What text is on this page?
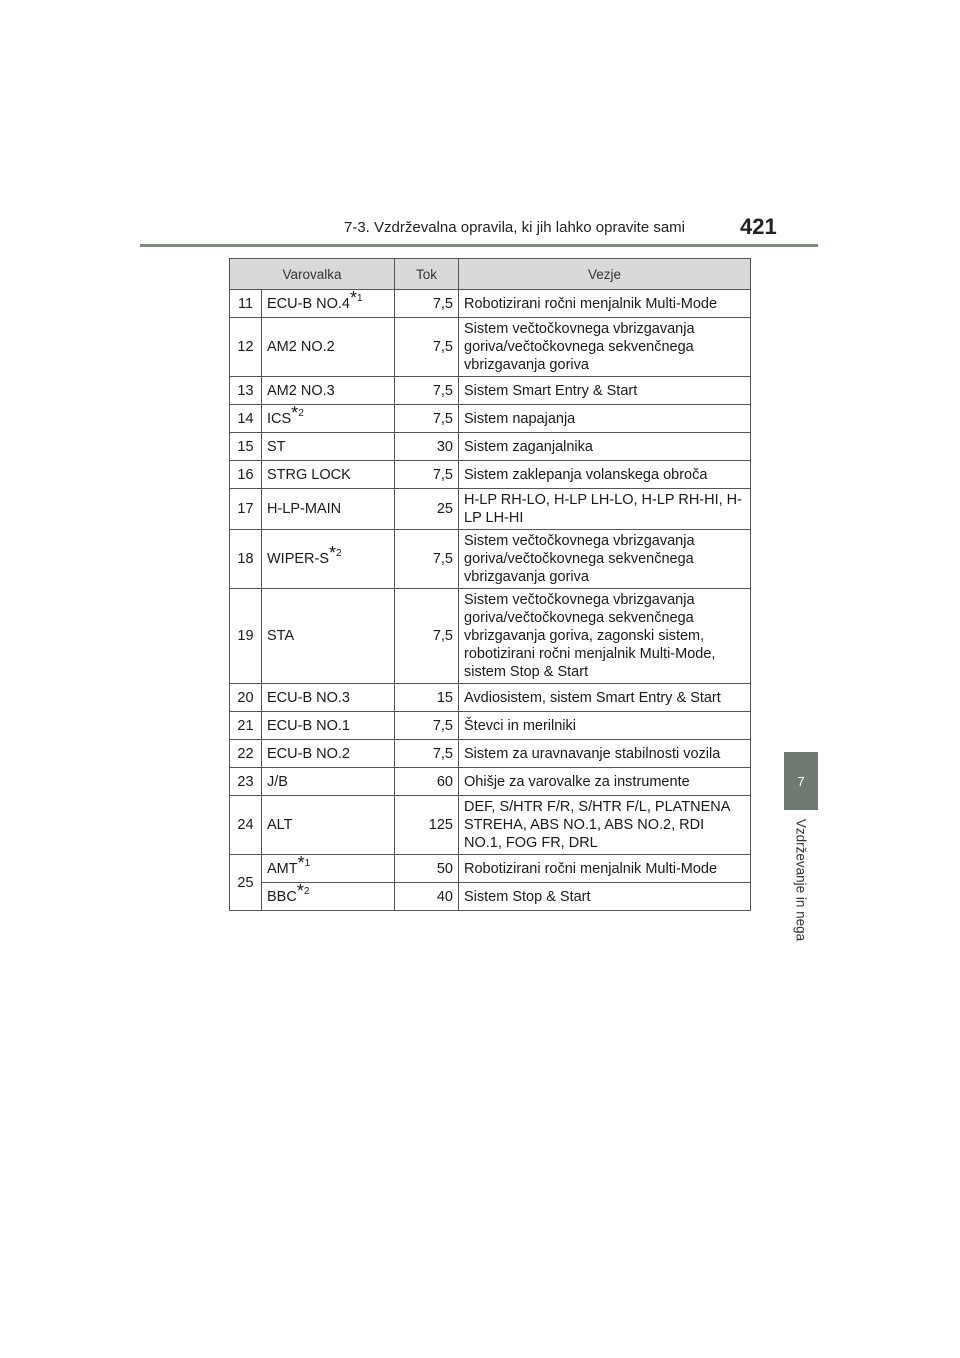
7-3. Vzdrževalna opravila, ki jih lahko opravite sami	421
7
Vzdrževanje in nega
Varovalka		Tok	Vezje
11	ECU-B NO.4*$^1$	7,5	Robotizirani ročni menjalnik Multi-Mode
12	AM2 NO.2	7,5	Sistem večtočkovnega vbrizgavanja goriva/večtočkovnega sekvenčnega vbrizgavanja goriva
13	AM2 NO.3	7,5	Sistem Smart Entry & Start
14	ICS*$^2$	7,5	Sistem napajanja
15	ST	30	Sistem zaganjalnika
16	STRG LOCK	7,5	Sistem zaklepanja volanskega obroča
17	H-LP-MAIN	25	H-LP RH-LO, H-LP LH-LO, H-LP RH-HI, H-LP LH-HI
18	WIPER-S*$^2$	7,5	Sistem večtočkovnega vbrizgavanja goriva/večtočkovnega sekvenčnega vbrizgavanja goriva
19	STA	7,5	Sistem večtočkovnega vbrizgavanja goriva/večtočkovnega sekvenčnega vbrizgavanja goriva, zagonski sistem, robotizirani ročni menjalnik Multi-Mode, sistem Stop & Start
20	ECU-B NO.3	15	Avdiosistem, sistem Smart Entry & Start
21	ECU-B NO.1	7,5	Števci in merilniki
22	ECU-B NO.2	7,5	Sistem za uravnavanje stabilnosti vozila
23	J/B	60	Ohišje za varovalke za instrumente
24	ALT	125	DEF, S/HTR F/R, S/HTR F/L, PLATNENA STREHA, ABS NO.1, ABS NO.2, RDI NO.1, FOG FR, DRL
25	AMT*$^1$	50	Robotizirani ročni menjalnik Multi-Mode
	BBC*$^2$	40	Sistem Stop & Start
